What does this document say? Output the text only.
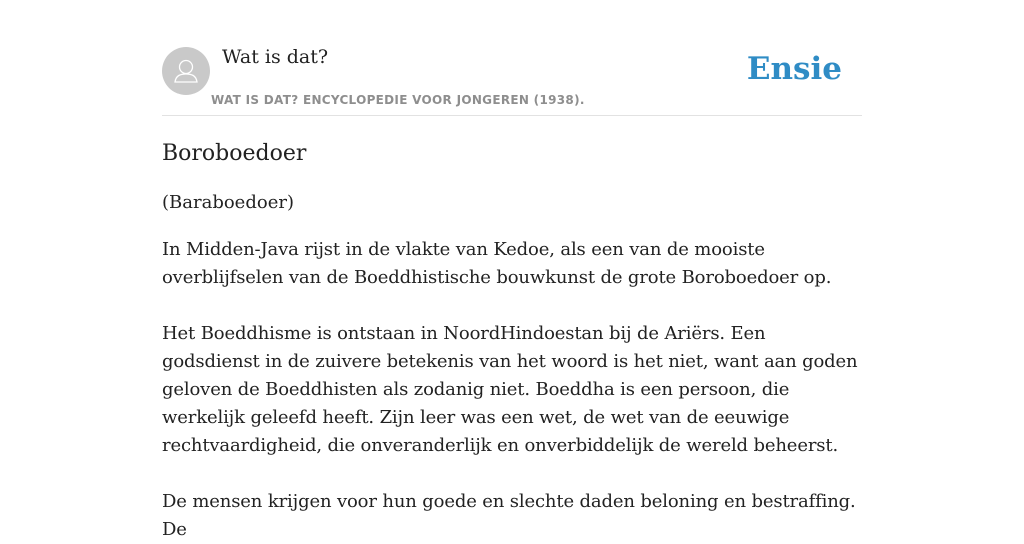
Wat is dat?
WAT IS DAT? ENCYCLOPEDIE VOOR JONGEREN (1938).
Ensie
Boroboedoer

(Baraboedoer)

In Midden-Java rijst in de vlakte van Kedoe, als een van de mooiste overblijfselen van de Boeddhistische bouwkunst de grote Boroboedoer op.

Het Boeddhisme is ontstaan in NoordHindoestan bij de Ariërs. Een godsdienst in de zuivere betekenis van het woord is het niet, want aan goden geloven de Boeddhisten als zodanig niet. Boeddha is een persoon, die werkelijk geleefd heeft. Zijn leer was een wet, de wet van de eeuwige rechtvaardigheid, die onveranderlijk en onverbiddelijk de wereld beheerst.

De mensen krijgen voor hun goede en slechte daden beloning en bestraffing. De
